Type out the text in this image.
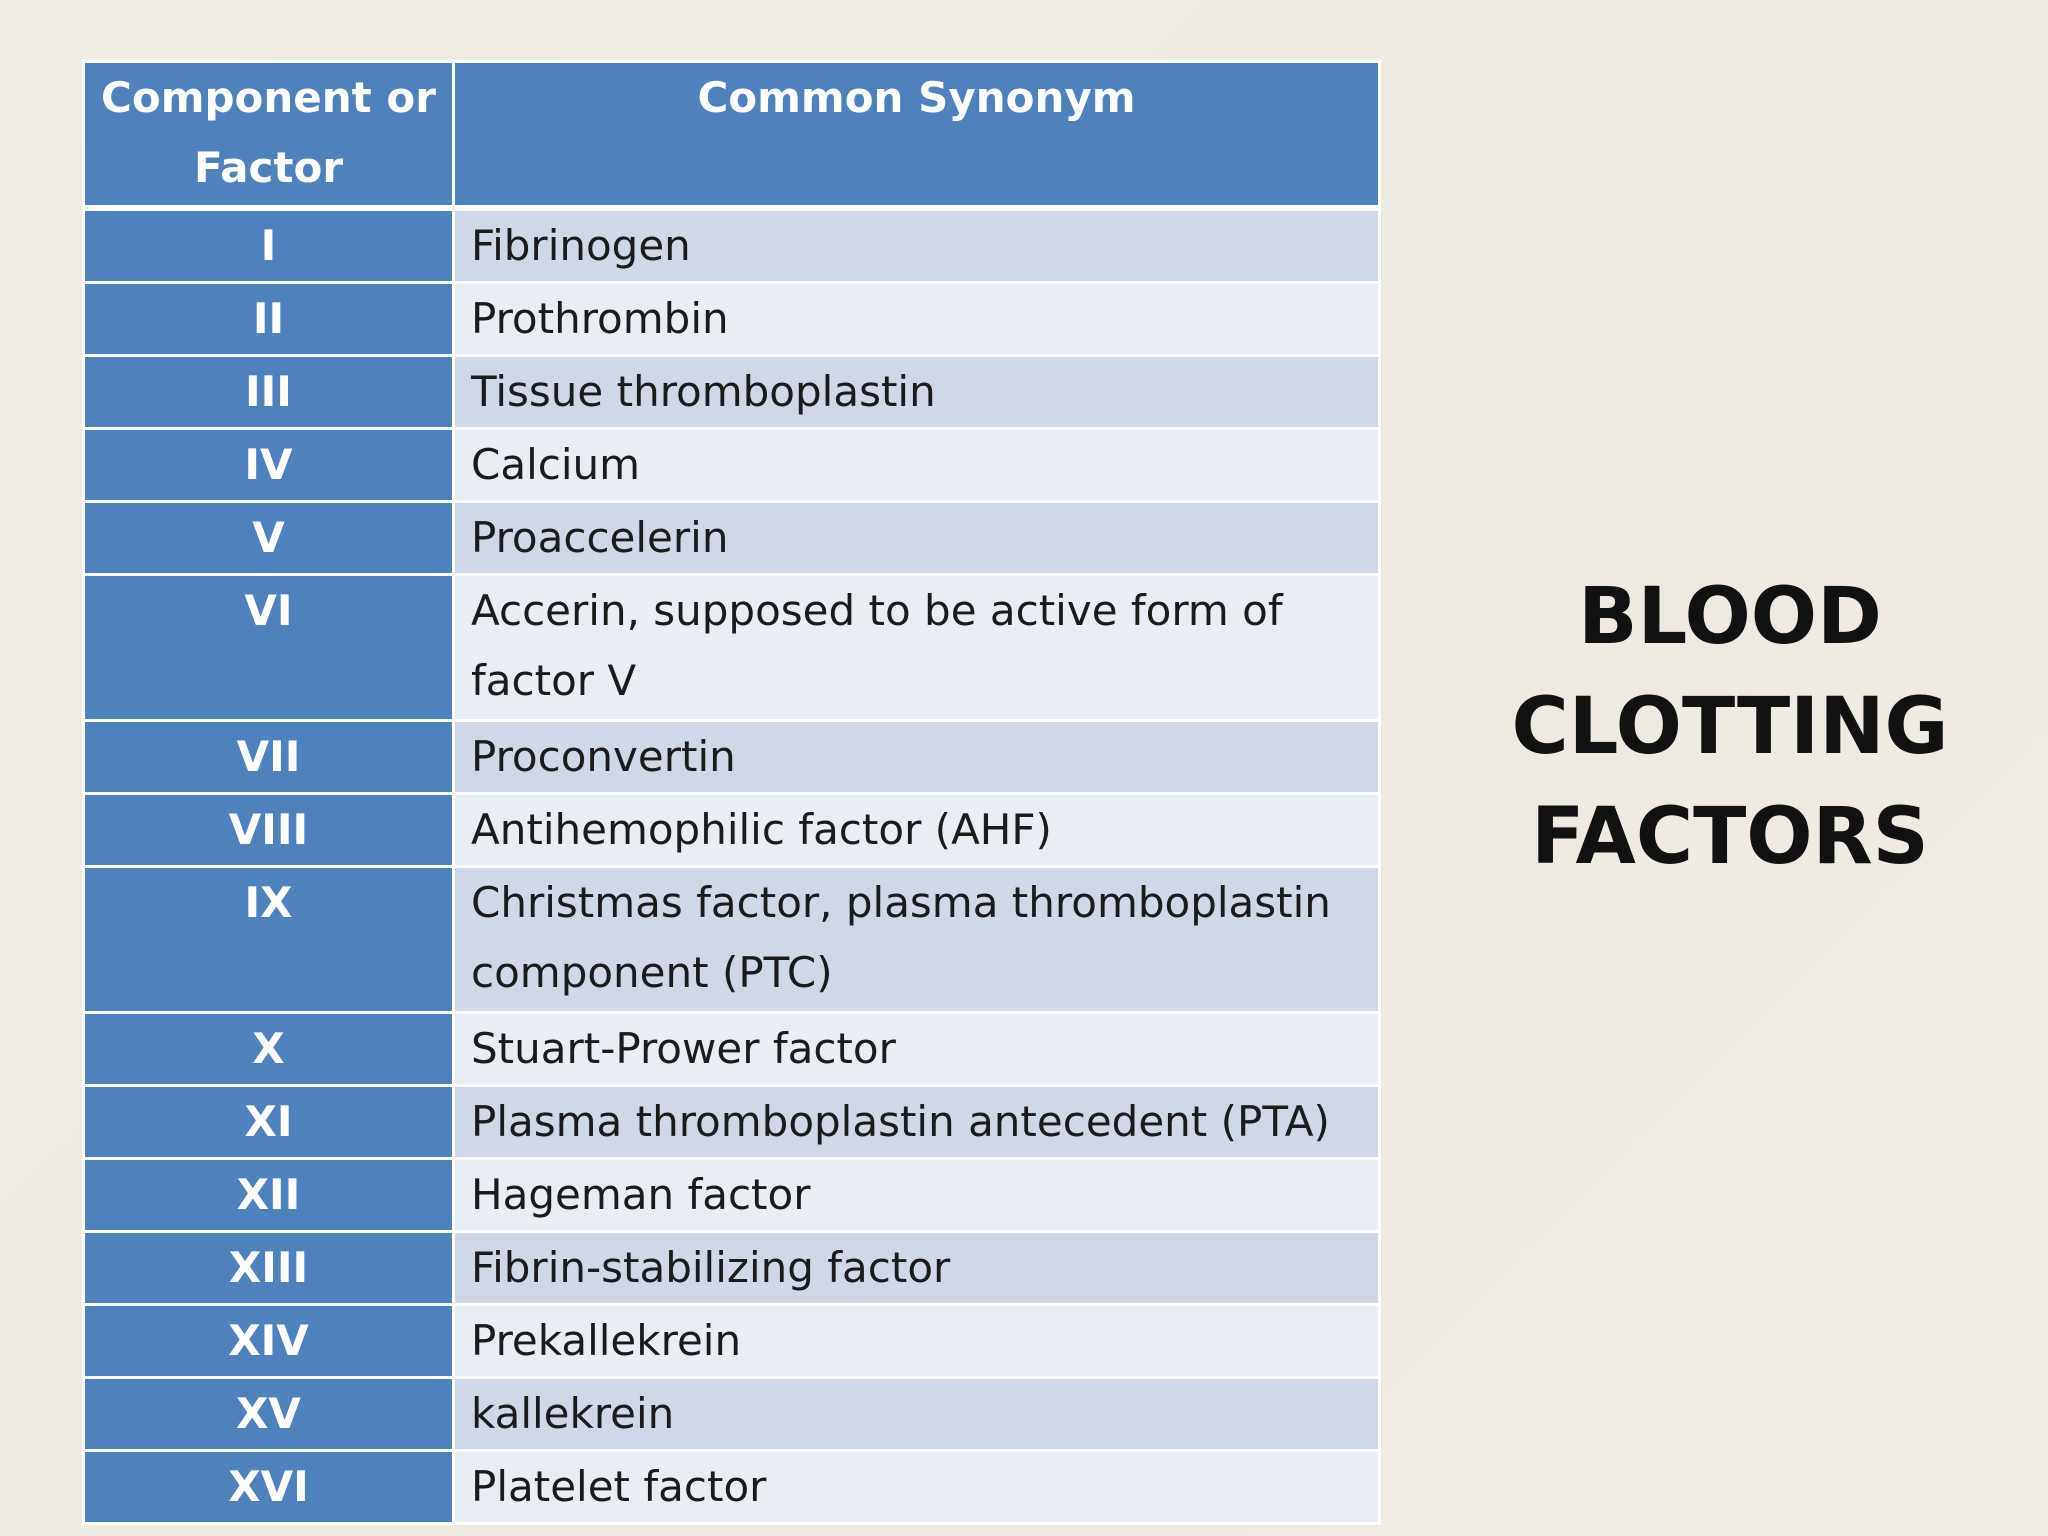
Component or Factor	Common Synonym
I	Fibrinogen
II	Prothrombin
III	Tissue thromboplastin
IV	Calcium
V	Proaccelerin
VI	Accerin, supposed to be active form of factor V
VII	Proconvertin
VIII	Antihemophilic factor (AHF)
IX	Christmas factor, plasma thromboplastin component (PTC)
X	Stuart-Prower factor
XI	Plasma thromboplastin antecedent (PTA)
XII	Hageman factor
XIII	Fibrin-stabilizing factor
XIV	Prekallekrein
XV	kallekrein
XVI	Platelet factor
BLOOD
CLOTTING
FACTORS
